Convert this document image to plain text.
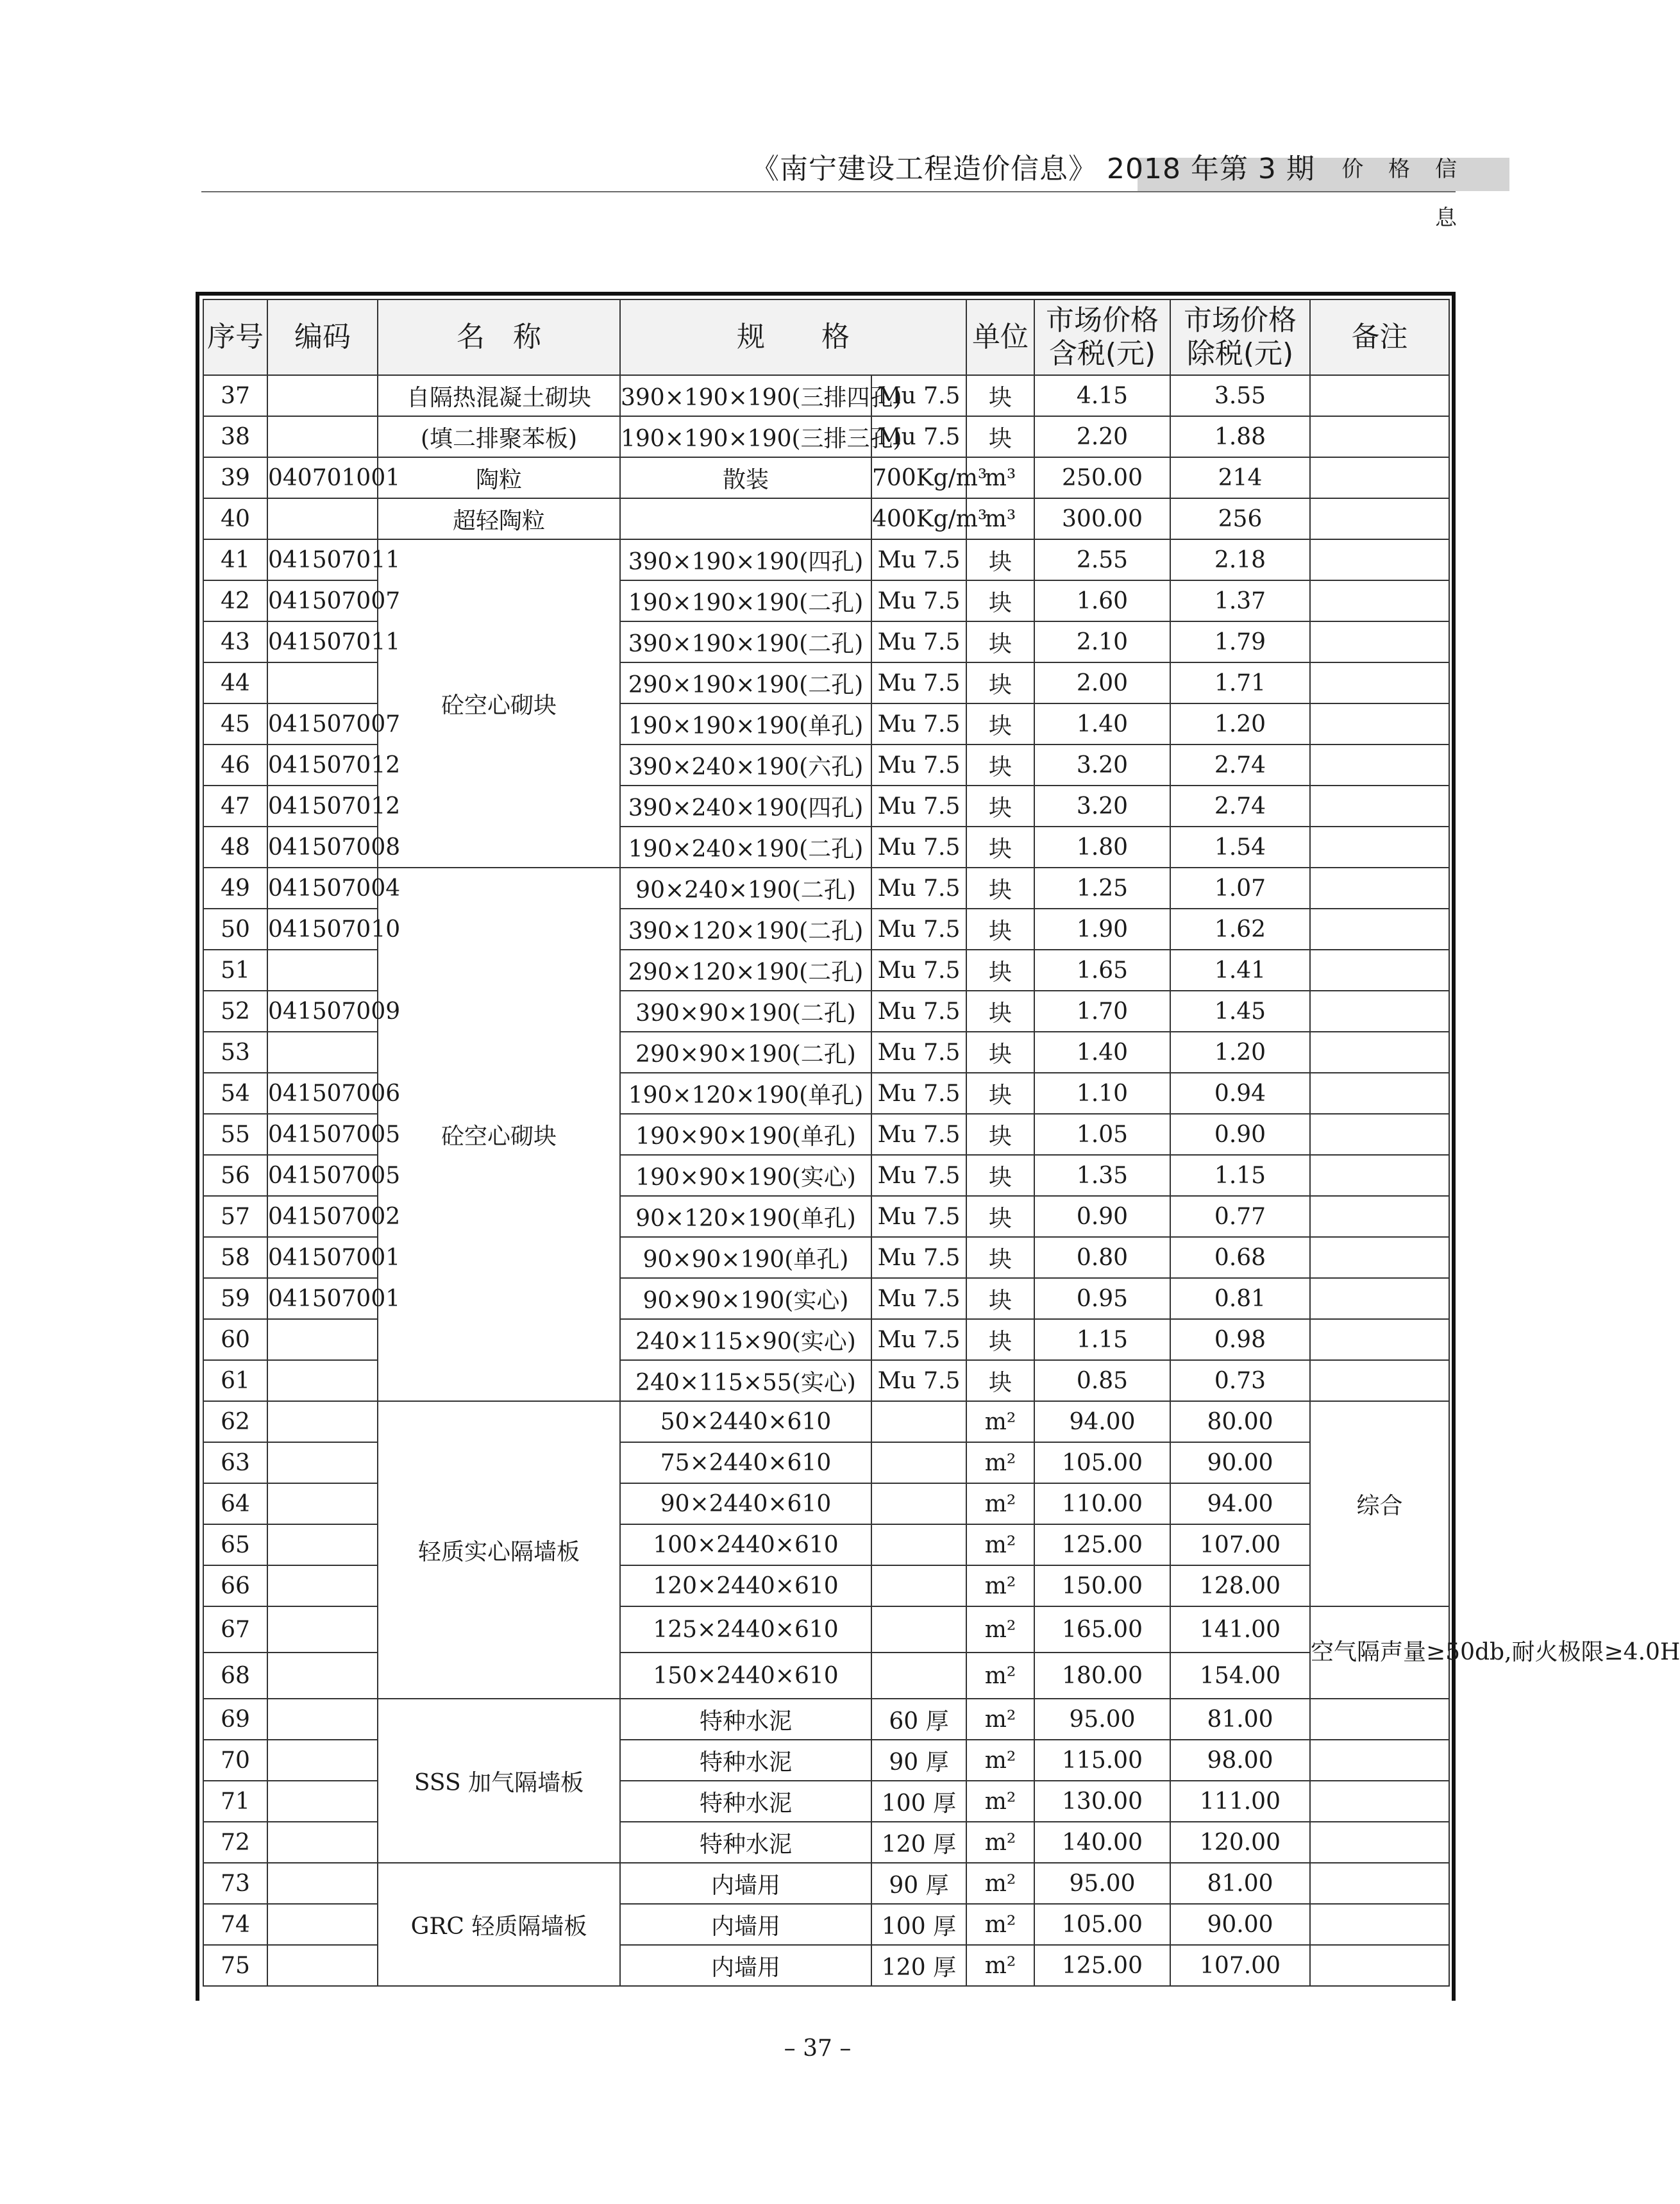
《南宁建设工程造价信息》 2018 年第 3 期	价 格 信 息
序号	编码	名　称	规　　格		单位	市场价格含税(元)	市场价格除税(元)	备注
37		自隔热混凝土砌块	390×190×190(三排四孔)	Mu 7.5	块	4.15	3.55	
38		(填二排聚苯板)	190×190×190(三排三孔)	Mu 7.5	块	2.20	1.88	
39	040701001	陶粒	散装	700Kg/m³	m³	250.00	214	
40		超轻陶粒		400Kg/m³	m³	300.00	256	
41	041507011	砼空心砌块	390×190×190(四孔)	Mu 7.5	块	2.55	2.18	
42	041507007		190×190×190(二孔)	Mu 7.5	块	1.60	1.37	
43	041507011		390×190×190(二孔)	Mu 7.5	块	2.10	1.79	
44			290×190×190(二孔)	Mu 7.5	块	2.00	1.71	
45	041507007		190×190×190(单孔)	Mu 7.5	块	1.40	1.20	
46	041507012		390×240×190(六孔)	Mu 7.5	块	3.20	2.74	
47	041507012		390×240×190(四孔)	Mu 7.5	块	3.20	2.74	
48	041507008		190×240×190(二孔)	Mu 7.5	块	1.80	1.54	
49	041507004	砼空心砌块	90×240×190(二孔)	Mu 7.5	块	1.25	1.07	
50	041507010		390×120×190(二孔)	Mu 7.5	块	1.90	1.62	
51			290×120×190(二孔)	Mu 7.5	块	1.65	1.41	
52	041507009		390×90×190(二孔)	Mu 7.5	块	1.70	1.45	
53			290×90×190(二孔)	Mu 7.5	块	1.40	1.20	
54	041507006		190×120×190(单孔)	Mu 7.5	块	1.10	0.94	
55	041507005		190×90×190(单孔)	Mu 7.5	块	1.05	0.90	
56	041507005		190×90×190(实心)	Mu 7.5	块	1.35	1.15	
57	041507002		90×120×190(单孔)	Mu 7.5	块	0.90	0.77	
58	041507001		90×90×190(单孔)	Mu 7.5	块	0.80	0.68	
59	041507001		90×90×190(实心)	Mu 7.5	块	0.95	0.81	
60			240×115×90(实心)	Mu 7.5	块	1.15	0.98	
61			240×115×55(实心)	Mu 7.5	块	0.85	0.73	
62		轻质实心隔墙板	50×2440×610		m²	94.00	80.00	综合
63			75×2440×610		m²	105.00	90.00	
64			90×2440×610		m²	110.00	94.00	
65			100×2440×610		m²	125.00	107.00	
66			120×2440×610		m²	150.00	128.00	
67			125×2440×610		m²	165.00	141.00	空气隔声量≥50db,耐火极限≥4.0H
68			150×2440×610		m²	180.00	154.00	
69		SSS 加气隔墙板	特种水泥	60 厚	m²	95.00	81.00	
70			特种水泥	90 厚	m²	115.00	98.00	
71			特种水泥	100 厚	m²	130.00	111.00	
72			特种水泥	120 厚	m²	140.00	120.00	
73		GRC 轻质隔墙板	内墙用	90 厚	m²	95.00	81.00	
74			内墙用	100 厚	m²	105.00	90.00	
75			内墙用	120 厚	m²	125.00	107.00	
– 37 –
